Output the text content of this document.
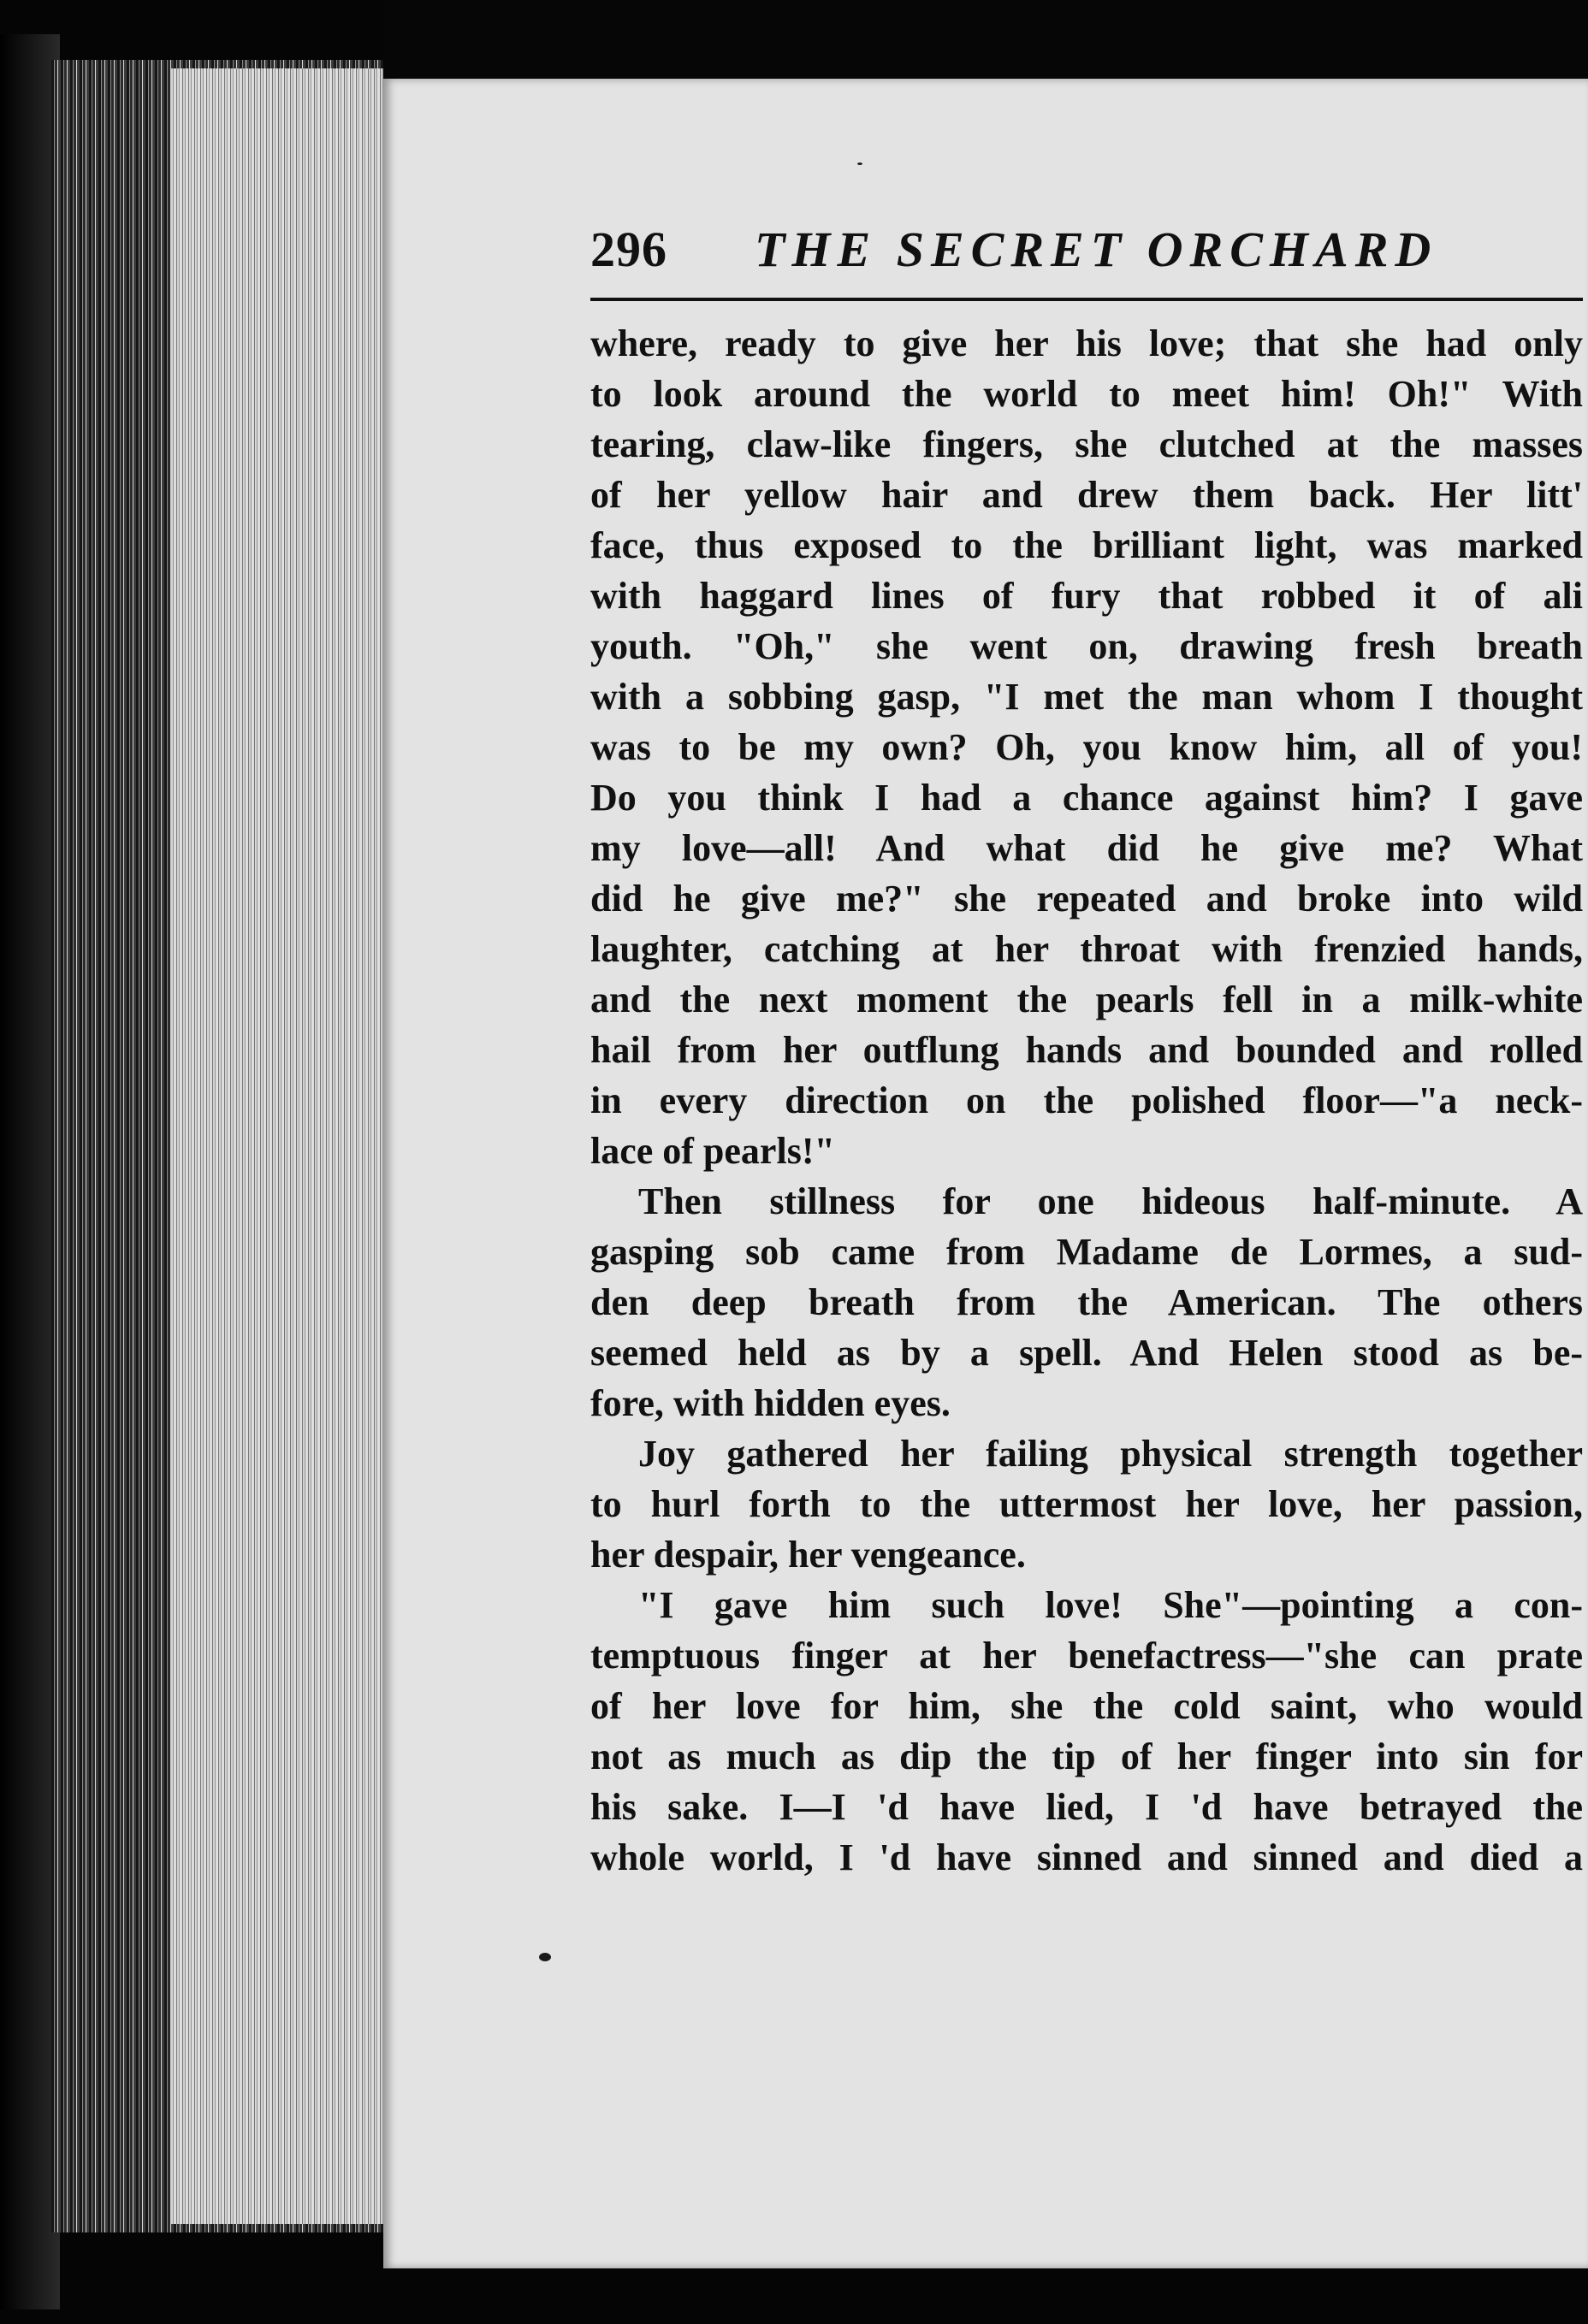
296 THE SECRET ORCHARD
where, ready to give her his love; that she had only
to look around the world to meet him! Oh!" With
tearing, claw-like fingers, she clutched at the masses
of her yellow hair and drew them back. Her litt'
face, thus exposed to the brilliant light, was marked
with haggard lines of fury that robbed it of ali
youth. "Oh," she went on, drawing fresh breath
with a sobbing gasp, "I met the man whom I thought
was to be my own? Oh, you know him, all of you!
Do you think I had a chance against him? I gave
my love—all! And what did he give me? What
did he give me?" she repeated and broke into wild
laughter, catching at her throat with frenzied hands,
and the next moment the pearls fell in a milk-white
hail from her outflung hands and bounded and rolled
in every direction on the polished floor—"a neck-
lace of pearls!"
Then stillness for one hideous half-minute. A
gasping sob came from Madame de Lormes, a sud-
den deep breath from the American. The others
seemed held as by a spell. And Helen stood as be-
fore, with hidden eyes.
Joy gathered her failing physical strength together
to hurl forth to the uttermost her love, her passion,
her despair, her vengeance.
"I gave him such love! She"—pointing a con-
temptuous finger at her benefactress—"she can prate
of her love for him, she the cold saint, who would
not as much as dip the tip of her finger into sin for
his sake. I—I 'd have lied, I 'd have betrayed the
whole world, I 'd have sinned and sinned and died a
